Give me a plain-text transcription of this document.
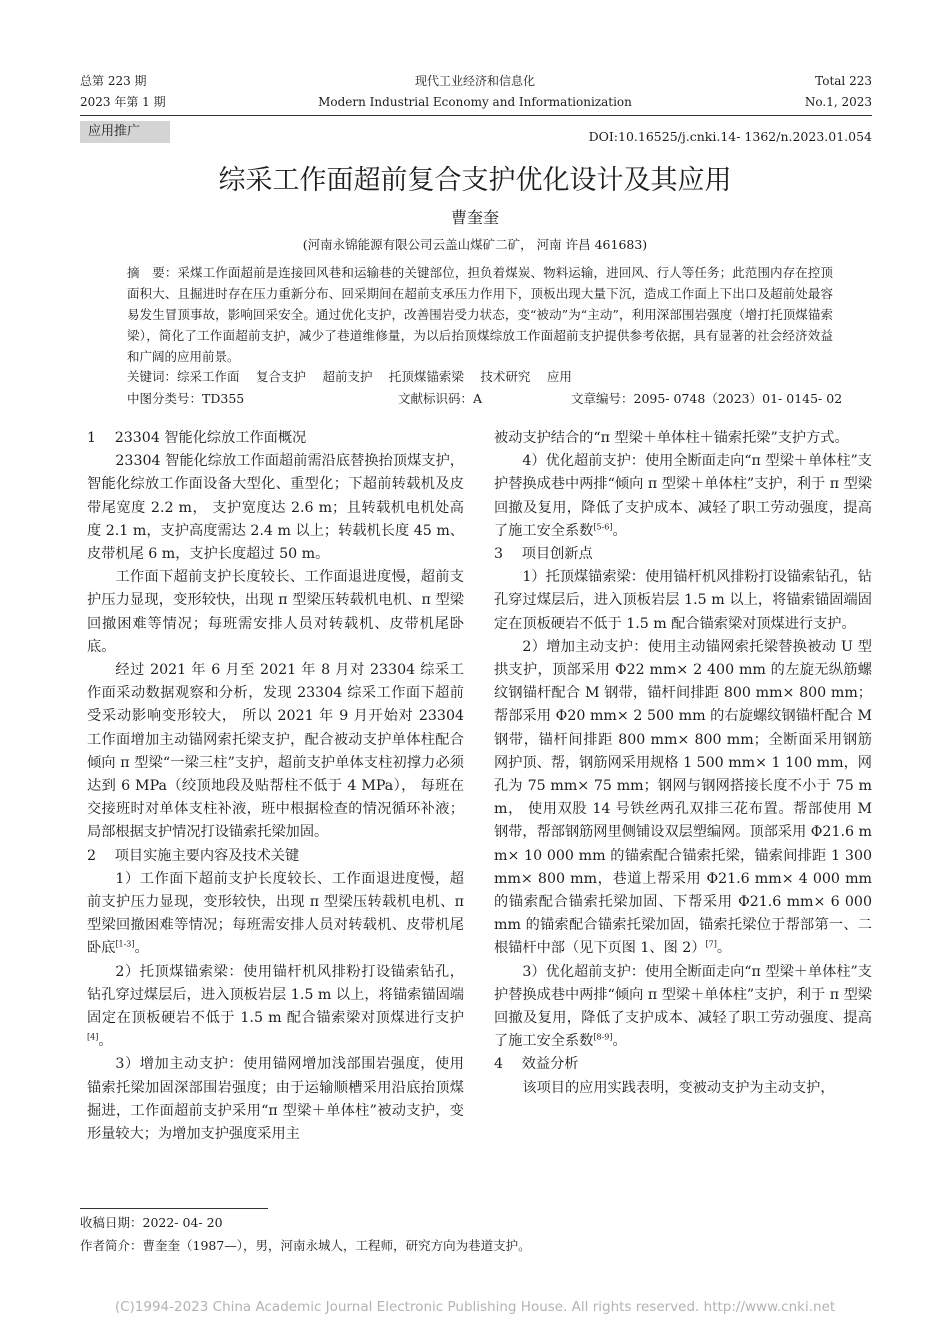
总第 223 期
2023 年第 1 期
现代工业经济和信息化
Modern Industrial Economy and Informationization
Total 223
No.1, 2023
应用推广	DOI:10.16525/j.cnki.14- 1362/n.2023.01.054
综采工作面超前复合支护优化设计及其应用
曹奎奎
(河南永锦能源有限公司云盖山煤矿二矿， 河南 许昌 461683)
摘　要：采煤工作面超前是连接回风巷和运输巷的关键部位，担负着煤炭、物料运输，进回风、行人等任务；此范围内存在控顶面积大、且掘进时存在压力重新分布、回采期间在超前支承压力作用下，顶板出现大量下沉，造成工作面上下出口及超前处最容易发生冒顶事故，影响回采安全。通过优化支护，改善围岩受力状态，变“被动”为“主动”，利用深部围岩强度（增打托顶煤锚索梁），简化了工作面超前支护，减少了巷道维修量，为以后抬顶煤综放工作面超前支护提供参考依据，具有显著的社会经济效益和广阔的应用前景。
关键词：综采工作面　 复合支护　 超前支护　 托顶煤锚索梁　 技术研究　 应用
中图分类号：TD355	文献标识码：A	文章编号：2095- 0748（2023）01- 0145- 02

1　 23304 智能化综放工作面概况

23304 智能化综放工作面超前需沿底替换抬顶煤支护，智能化综放工作面设备大型化、重型化；下超前转载机及皮带尾宽度 2.2 m， 支护宽度达 2.6 m；且转载机电机处高度 2.1 m，支护高度需达 2.4 m 以上；转载机长度 45 m、皮带机尾 6 m，支护长度超过 50 m。

工作面下超前支护长度较长、工作面退进度慢，超前支护压力显现，变形较快，出现 π 型梁压转载机电机、π 型梁回撤困难等情况；每班需安排人员对转载机、皮带机尾卧底。

经过 2021 年 6 月至 2021 年 8 月对 23304 综采工作面采动数据观察和分析，发现 23304 综采工作面下超前受采动影响变形较大， 所以 2021 年 9 月开始对 23304 工作面增加主动锚网索托梁支护，配合被动支护单体柱配合倾向 π 型梁“一梁三柱”支护，超前支护单体支柱初撑力必须达到 6 MPa（绞顶地段及贴帮柱不低于 4 MPa）， 每班在交接班时对单体支柱补液，班中根据检查的情况循环补液；局部根据支护情况打设锚索托梁加固。

2　 项目实施主要内容及技术关键

1）工作面下超前支护长度较长、工作面退进度慢，超前支护压力显现，变形较快，出现 π 型梁压转载机电机、π 型梁回撤困难等情况；每班需安排人员对转载机、皮带机尾卧底[1-3]。

2）托顶煤锚索梁：使用锚杆机风排粉打设锚索钻孔，钻孔穿过煤层后，进入顶板岩层 1.5 m 以上，将锚索锚固端固定在顶板硬岩不低于 1.5 m 配合锚索梁对顶煤进行支护[4]。

3）增加主动支护：使用锚网增加浅部围岩强度，使用锚索托梁加固深部围岩强度；由于运输顺槽采用沿底抬顶煤掘进，工作面超前支护采用“π 型梁＋单体柱”被动支护，变形量较大；为增加支护强度采用主

被动支护结合的“π 型梁＋单体柱＋锚索托梁”支护方式。

4）优化超前支护：使用全断面走向“π 型梁＋单体柱”支护替换成巷中两排“倾向 π 型梁＋单体柱”支护，利于 π 型梁回撤及复用，降低了支护成本、减轻了职工劳动强度，提高了施工安全系数[5-6]。

3　 项目创新点

1）托顶煤锚索梁：使用锚杆机风排粉打设锚索钻孔，钻孔穿过煤层后，进入顶板岩层 1.5 m 以上，将锚索锚固端固定在顶板硬岩不低于 1.5 m 配合锚索梁对顶煤进行支护。

2）增加主动支护：使用主动锚网索托梁替换被动 U 型拱支护，顶部采用 Φ22 mm× 2 400 mm 的左旋无纵筋螺纹钢锚杆配合 M 钢带，锚杆间排距 800 mm× 800 mm；帮部采用 Φ20 mm× 2 500 mm 的右旋螺纹钢锚杆配合 M 钢带，锚杆间排距 800 mm× 800 mm；全断面采用钢筋网护顶、帮，钢筋网采用规格 1 500 mm× 1 100 mm，网孔为 75 mm× 75 mm；钢网与钢网搭接长度不小于 75 mm， 使用双股 14 号铁丝两孔双排三花布置。帮部使用 M 钢带，帮部钢筋网里侧铺设双层塑编网。顶部采用 Φ21.6 mm× 10 000 mm 的锚索配合锚索托梁，锚索间排距 1 300 mm× 800 mm，巷道上帮采用 Φ21.6 mm× 4 000 mm 的锚索配合锚索托梁加固、下帮采用 Φ21.6 mm× 6 000 mm 的锚索配合锚索托梁加固，锚索托梁位于帮部第一、二根锚杆中部（见下页图 1、图 2）[7]。

3）优化超前支护：使用全断面走向“π 型梁＋单体柱”支护替换成巷中两排“倾向 π 型梁＋单体柱”支护，利于 π 型梁回撤及复用，降低了支护成本、减轻了职工劳动强度、提高了施工安全系数[8-9]。

4　 效益分析

该项目的应用实践表明，变被动支护为主动支护，

收稿日期：2022- 04- 20
作者简介：曹奎奎（1987—），男，河南永城人，工程师，研究方向为巷道支护。
(C)1994-2023 China Academic Journal Electronic Publishing House. All rights reserved. http://www.cnki.net
